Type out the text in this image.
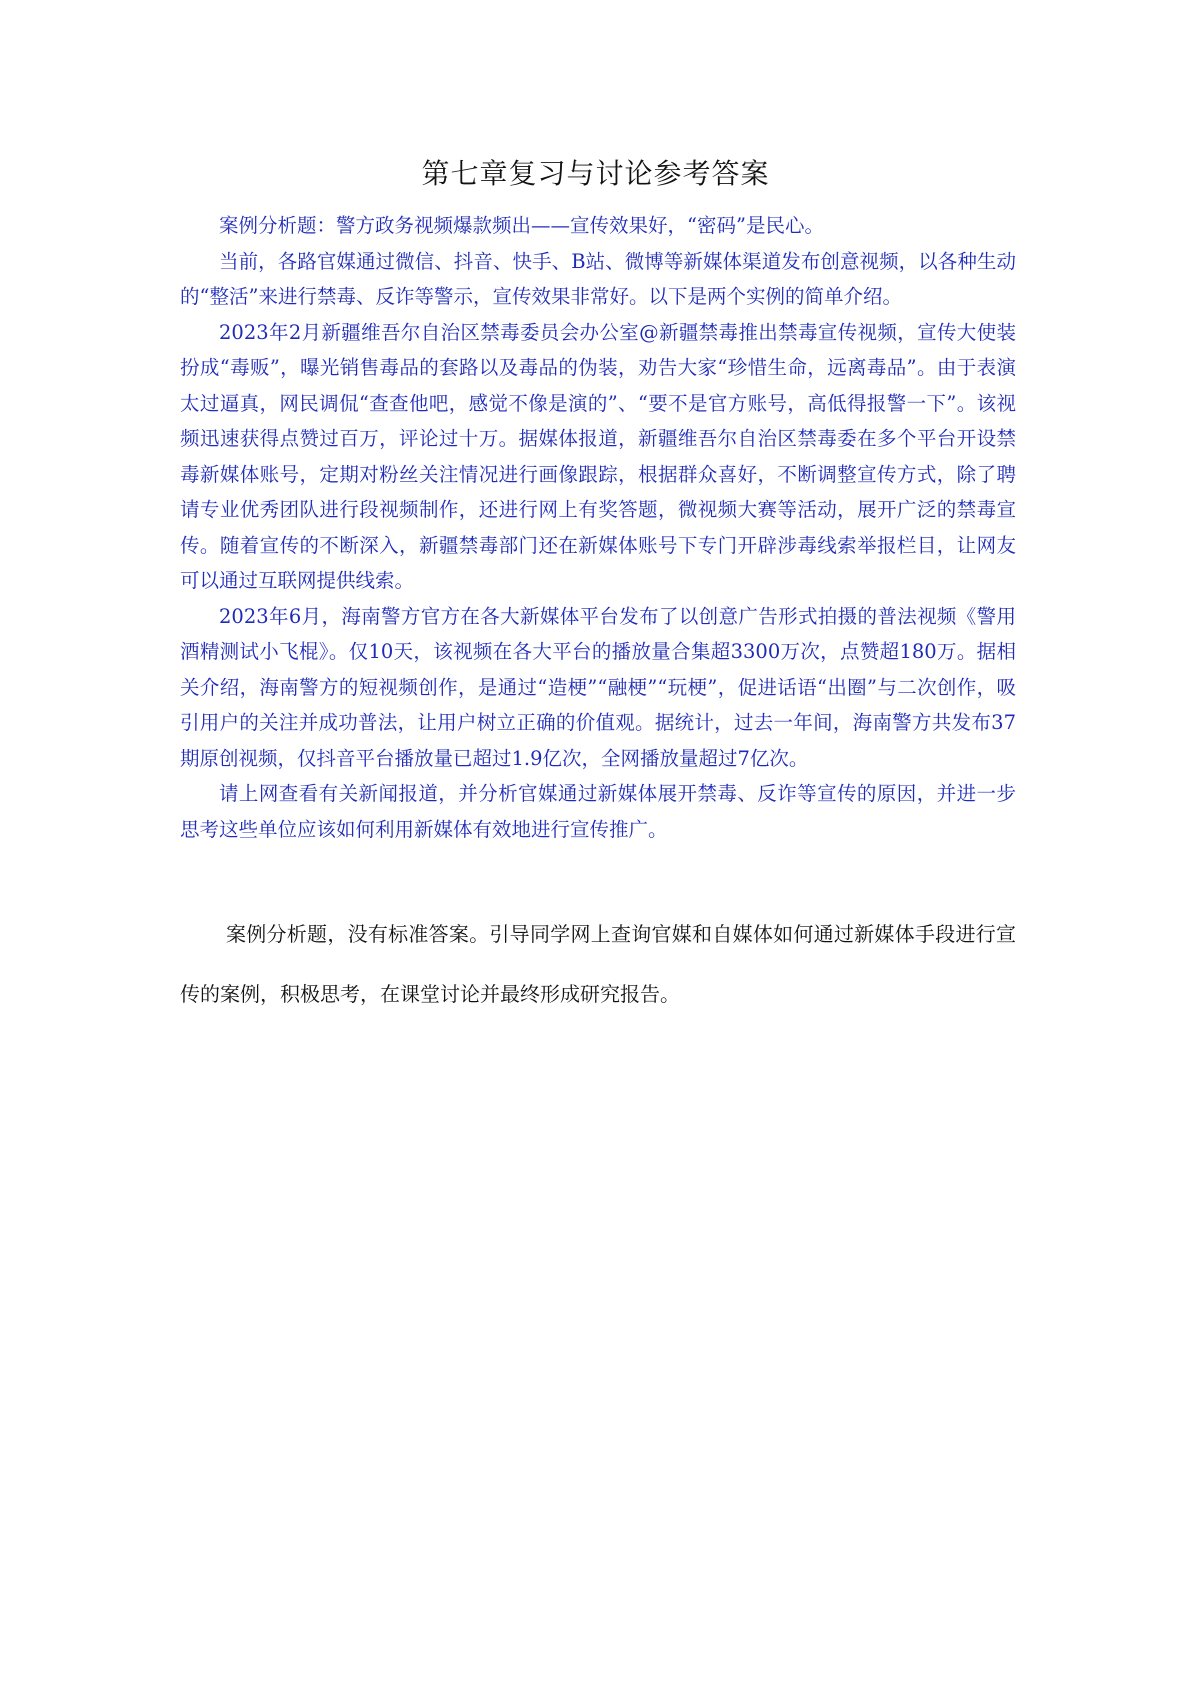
第七章复习与讨论参考答案

案例分析题：警方政务视频爆款频出——宣传效果好，“密码”是民心。

当前，各路官媒通过微信、抖音、快手、B站、微博等新媒体渠道发布创意视频，以各种生动的“整活”来进行禁毒、反诈等警示，宣传效果非常好。以下是两个实例的简单介绍。

2023年2月新疆维吾尔自治区禁毒委员会办公室@新疆禁毒推出禁毒宣传视频，宣传大使装扮成“毒贩”，曝光销售毒品的套路以及毒品的伪装，劝告大家“珍惜生命，远离毒品”。由于表演太过逼真，网民调侃“查查他吧，感觉不像是演的”、“要不是官方账号，高低得报警一下”。该视频迅速获得点赞过百万，评论过十万。据媒体报道，新疆维吾尔自治区禁毒委在多个平台开设禁毒新媒体账号，定期对粉丝关注情况进行画像跟踪，根据群众喜好，不断调整宣传方式，除了聘请专业优秀团队进行段视频制作，还进行网上有奖答题，微视频大赛等活动，展开广泛的禁毒宣传。随着宣传的不断深入，新疆禁毒部门还在新媒体账号下专门开辟涉毒线索举报栏目，让网友可以通过互联网提供线索。

2023年6月，海南警方官方在各大新媒体平台发布了以创意广告形式拍摄的普法视频《警用酒精测试小飞棍》。仅10天，该视频在各大平台的播放量合集超3300万次，点赞超180万。据相关介绍，海南警方的短视频创作，是通过“造梗”“融梗”“玩梗”，促进话语“出圈”与二次创作，吸引用户的关注并成功普法，让用户树立正确的价值观。据统计，过去一年间，海南警方共发布37期原创视频，仅抖音平台播放量已超过1.9亿次，全网播放量超过7亿次。

请上网查看有关新闻报道，并分析官媒通过新媒体展开禁毒、反诈等宣传的原因，并进一步思考这些单位应该如何利用新媒体有效地进行宣传推广。

案例分析题，没有标准答案。引导同学网上查询官媒和自媒体如何通过新媒体手段进行宣传的案例，积极思考，在课堂讨论并最终形成研究报告。
